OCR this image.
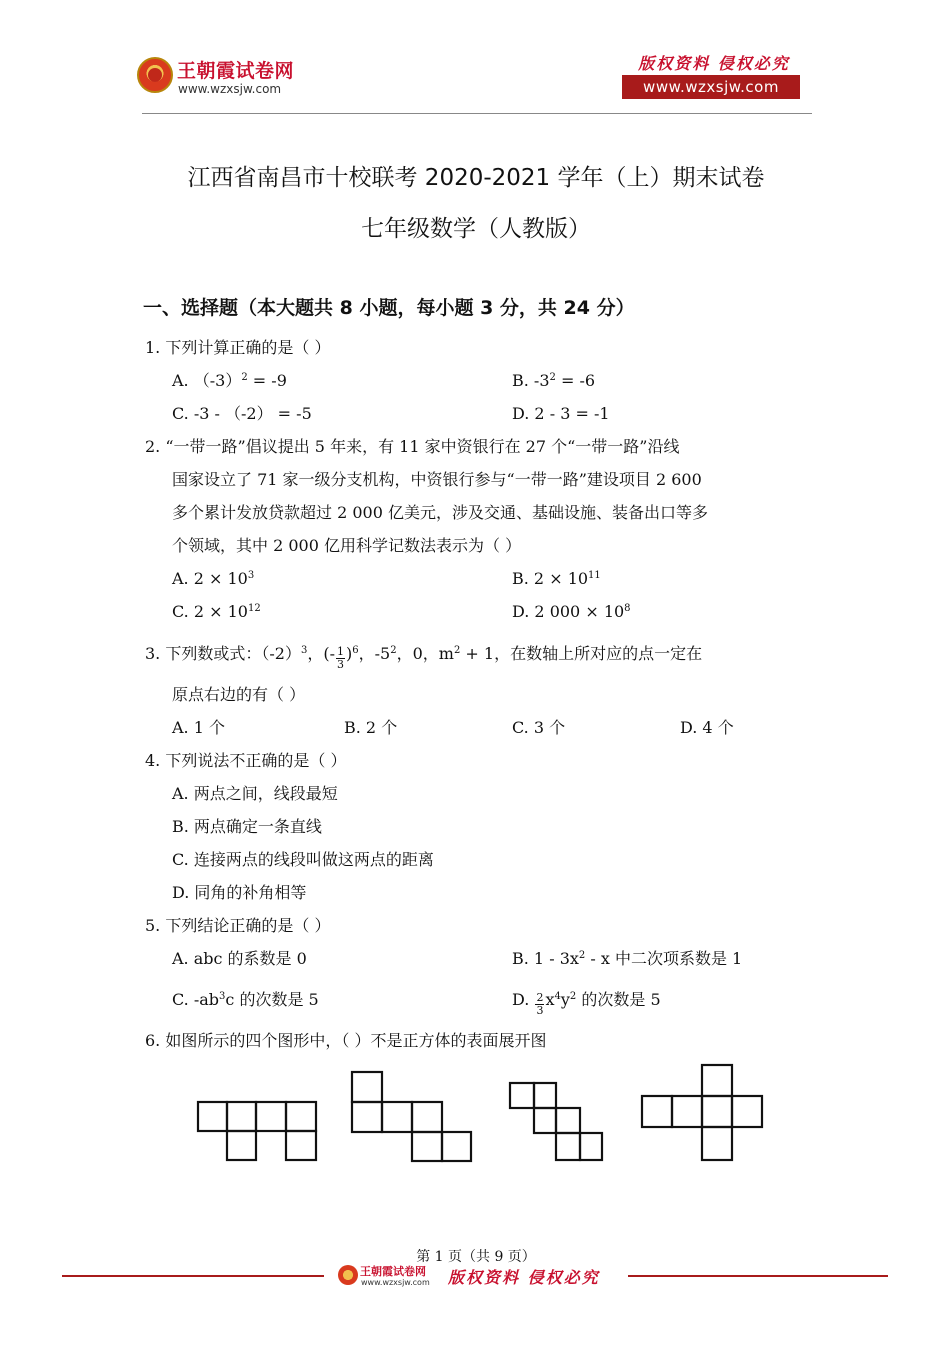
王朝霞试卷网
www.wzxsjw.com
版权资料 侵权必究
www.wzxsjw.com
江西省南昌市十校联考 2020-2021 学年（上）期末试卷
七年级数学（人教版）
一、选择题（本大题共 8 小题，每小题 3 分，共 24 分）
1. 下列计算正确的是（ ）
A. $(-3)^2 = -9$	B. $-3^2 = -6$
C. -3 - （-2） = -5	D. 2 - 3 = -1
2. “一带一路”倡议提出 5 年来，有 11 家中资银行在 27 个“一带一路”沿线
国家设立了 71 家一级分支机构，中资银行参与“一带一路”建设项目 2 600
多个累计发放贷款超过 2 000 亿美元，涉及交通、基础设施、装备出口等多
个领域，其中 2 000 亿用科学记数法表示为（ ）
A. $2 \times 10^3$	B. $2 \times 10^{11}$
C. $2 \times 10^{12}$	D. 2 $000 \times 10^8$
3. 下列数或式：$(-2)^3$，(- $\frac{1}{3} )^6$，$-5^2$，0，$m^2 + 1$，在数轴上所对应的点一定在
原点右边的有（ ）
A. 1 个	B. 2 个	C. 3 个	D. 4 个
4. 下列说法不正确的是（ ）
A. 两点之间，线段最短
B. 两点确定一条直线
C. 连接两点的线段叫做这两点的距离
D. 同角的补角相等
5. 下列结论正确的是（ ）
A. abc 的系数是 0	B. $1 - 3x^2$ - x 中二次项系数是 1
C. $-ab^3c$ 的次数是 5	D. $\frac{2}{3} x^4y^2$ 的次数是 5
6. 如图所示的四个图形中，（ ）不是正方体的表面展开图
第 1 页（共 9 页）
王朝霞试卷网
www.wzxsjw.com 版权资料 侵权必究
